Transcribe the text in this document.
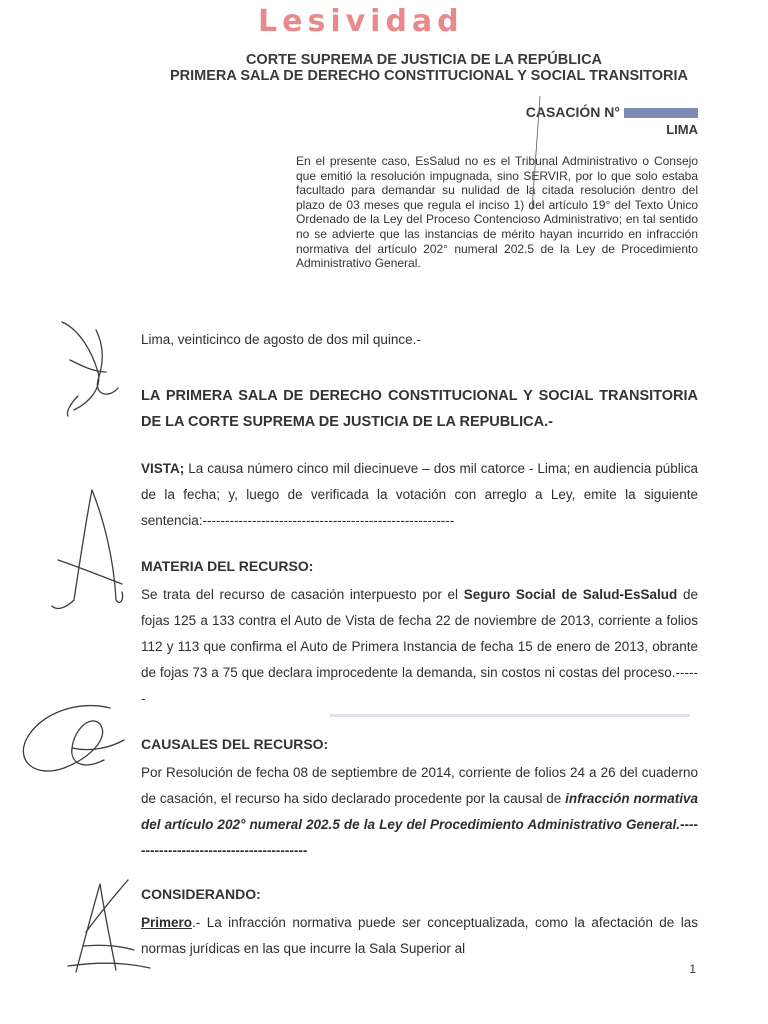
Lesividad
CORTE SUPREMA DE JUSTICIA DE LA REPÚBLICA
PRIMERA SALA DE DERECHO CONSTITUCIONAL Y SOCIAL TRANSITORIA
CASACIÓN N°
LIMA
En el presente caso, EsSalud no es el Tribunal Administrativo o Consejo que emitió la resolución impugnada, sino SERVIR, por lo que solo estaba facultado para demandar su nulidad de la citada resolución dentro del plazo de 03 meses que regula el inciso 1) del artículo 19° del Texto Único Ordenado de la Ley del Proceso Contencioso Administrativo; en tal sentido no se advierte que las instancias de mérito hayan incurrido en infracción normativa del artículo 202° numeral 202.5 de la Ley de Procedimiento Administrativo General.
Lima, veinticinco de agosto de dos mil quince.-
LA PRIMERA SALA DE DERECHO CONSTITUCIONAL Y SOCIAL TRANSITORIA DE LA CORTE SUPREMA DE JUSTICIA DE LA REPUBLICA.-
VISTA; La causa número cinco mil diecinueve – dos mil catorce - Lima; en audiencia pública de la fecha; y, luego de verificada la votación con arreglo a Ley, emite la siguiente sentencia:--------------------------------------------------------
MATERIA DEL RECURSO:
Se trata del recurso de casación interpuesto por el Seguro Social de Salud-EsSalud de fojas 125 a 133 contra el Auto de Vista de fecha 22 de noviembre de 2013, corriente a folios 112 y 113 que confirma el Auto de Primera Instancia de fecha 15 de enero de 2013, obrante de fojas 73 a 75 que declara improcedente la demanda, sin costos ni costas del proceso.------
CAUSALES DEL RECURSO:
Por Resolución de fecha 08 de septiembre de 2014, corriente de folios 24 a 26 del cuaderno de casación, el recurso ha sido declarado procedente por la causal de infracción normativa del artículo 202° numeral 202.5 de la Ley del Procedimiento Administrativo General.-----------------------------------------
CONSIDERANDO:
Primero.- La infracción normativa puede ser conceptualizada, como la afectación de las normas jurídicas en las que incurre la Sala Superior al
1
